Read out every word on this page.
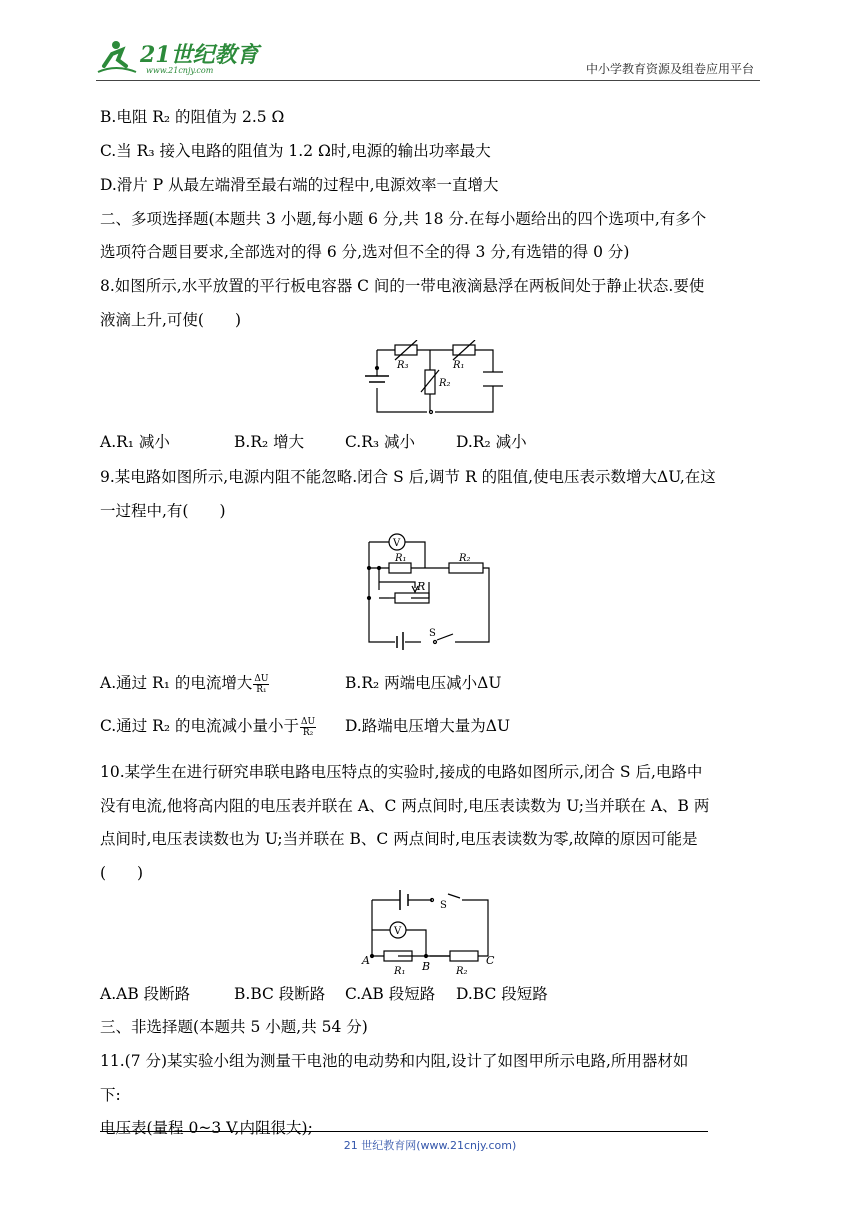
21世纪教育
www.21cnjy.com	中小学教育资源及组卷应用平台
B.电阻 R₂ 的阻值为 2.5 Ω
C.当 R₃ 接入电路的阻值为 1.2 Ω时,电源的输出功率最大
D.滑片 P 从最左端滑至最右端的过程中,电源效率一直增大
二、多项选择题(本题共 3 小题,每小题 6 分,共 18 分.在每小题给出的四个选项中,有多个
选项符合题目要求,全部选对的得 6 分,选对但不全的得 3 分,有选错的得 0 分)
8.如图所示,水平放置的平行板电容器 C 间的一带电液滴悬浮在两板间处于静止状态.要使
液滴上升,可使(　　)
R₃	R₁
R₂
A.R₁ 减小	B.R₂ 增大	C.R₃ 减小	D.R₂ 减小
9.某电路如图所示,电源内阻不能忽略.闭合 S 后,调节 R 的阻值,使电压表示数增大ΔU,在这
一过程中,有(　　)
V
R₁	R₂
R
S
A.通过 R₁ 的电流增大 $\frac{\Delta U}{\text{R₁}}$	B.R₂ 两端电压减小ΔU
C.通过 R₂ 的电流减小量小于 $\frac{\Delta U}{\text{R₂}} D$.路端电压增大量为ΔU
10.某学生在进行研究串联电路电压特点的实验时,接成的电路如图所示,闭合 S 后,电路中
没有电流,他将高内阻的电压表并联在 A、C 两点间时,电压表读数为 U;当并联在 A、B 两
点间时,电压表读数也为 U;当并联在 B、C 两点间时,电压表读数为零,故障的原因可能是
(　　)
S
V
A	B	C
R₁	R₂
A.AB 段断路	B.BC 段断路 C.AB 段短路 D.BC 段短路
三、非选择题(本题共 5 小题,共 54 分)
11.(7 分)某实验小组为测量干电池的电动势和内阻,设计了如图甲所示电路,所用器材如
下:
电压表(量程 0~3 V,内阻很大);
21 世纪教育网(www.21cnjy.com)
